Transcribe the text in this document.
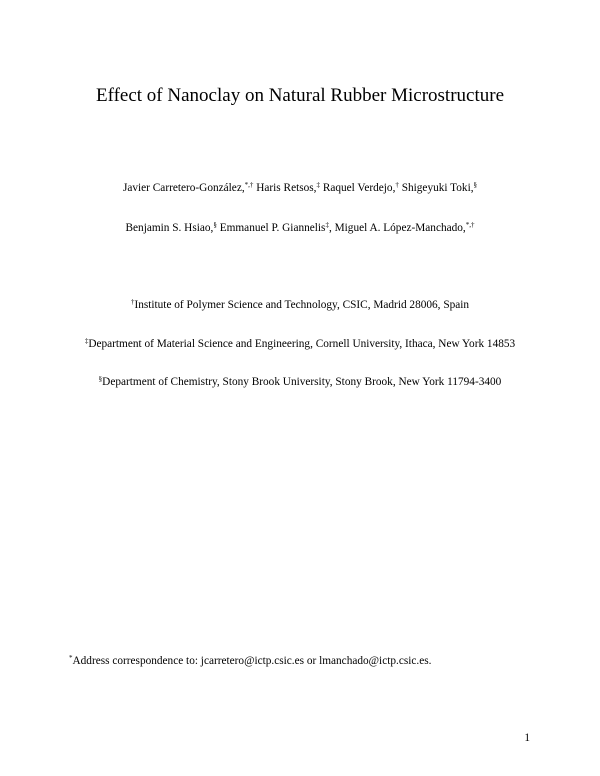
Effect of Nanoclay on Natural Rubber Microstructure
Javier Carretero-González,*,† Haris Retsos,‡ Raquel Verdejo,† Shigeyuki Toki,§
Benjamin S. Hsiao,§ Emmanuel P. Giannelis‡, Miguel A. López-Manchado,*,†
†Institute of Polymer Science and Technology, CSIC, Madrid 28006, Spain
‡Department of Material Science and Engineering, Cornell University, Ithaca, New York 14853
§Department of Chemistry, Stony Brook University, Stony Brook, New York 11794-3400
*Address correspondence to: jcarretero@ictp.csic.es or lmanchado@ictp.csic.es.
1
